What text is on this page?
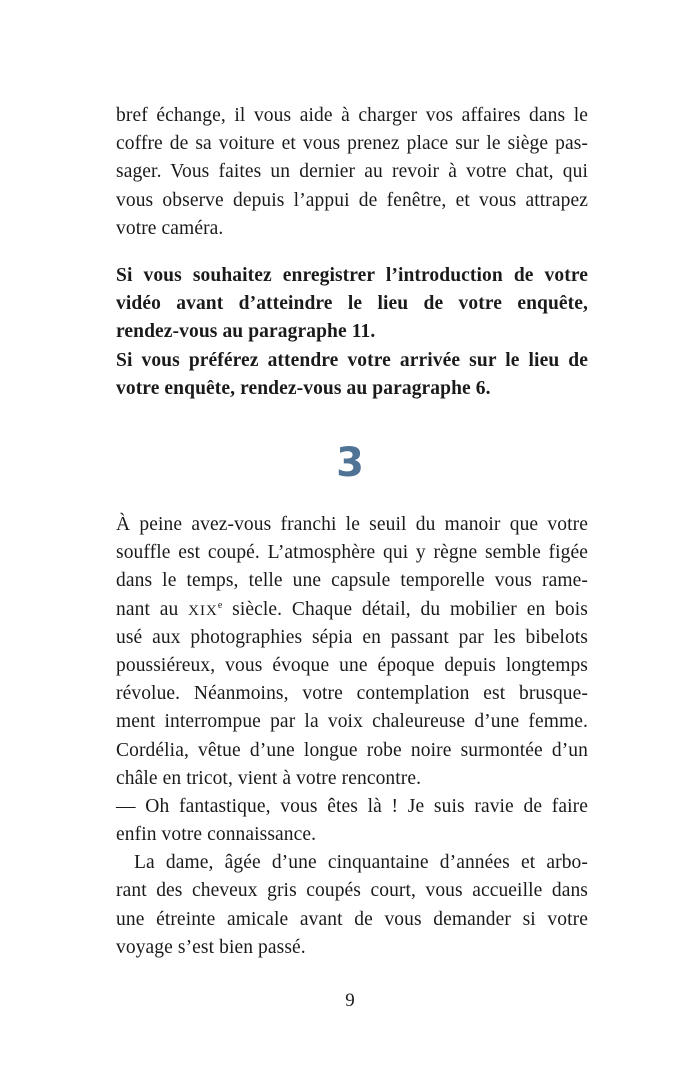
bref échange, il vous aide à charger vos affaires dans le
coffre de sa voiture et vous prenez place sur le siège pas-
sager. Vous faites un dernier au revoir à votre chat, qui
vous observe depuis l’appui de fenêtre, et vous attrapez
votre caméra.
Si vous souhaitez enregistrer l’introduction de votre
vidéo avant d’atteindre le lieu de votre enquête,
rendez-vous au paragraphe 11.
Si vous préférez attendre votre arrivée sur le lieu de
votre enquête, rendez-vous au paragraphe 6.
3
À peine avez-vous franchi le seuil du manoir que votre
souffle est coupé. L’atmosphère qui y règne semble figée
dans le temps, telle une capsule temporelle vous rame-
nant au XIXe siècle. Chaque détail, du mobilier en bois
usé aux photographies sépia en passant par les bibelots
poussiéreux, vous évoque une époque depuis longtemps
révolue. Néanmoins, votre contemplation est brusque-
ment interrompue par la voix chaleureuse d’une femme.
Cordélia, vêtue d’une longue robe noire surmontée d’un
châle en tricot, vient à votre rencontre.
— Oh fantastique, vous êtes là ! Je suis ravie de faire
enfin votre connaissance.
La dame, âgée d’une cinquantaine d’années et arbo-
rant des cheveux gris coupés court, vous accueille dans
une étreinte amicale avant de vous demander si votre
voyage s’est bien passé.
9
